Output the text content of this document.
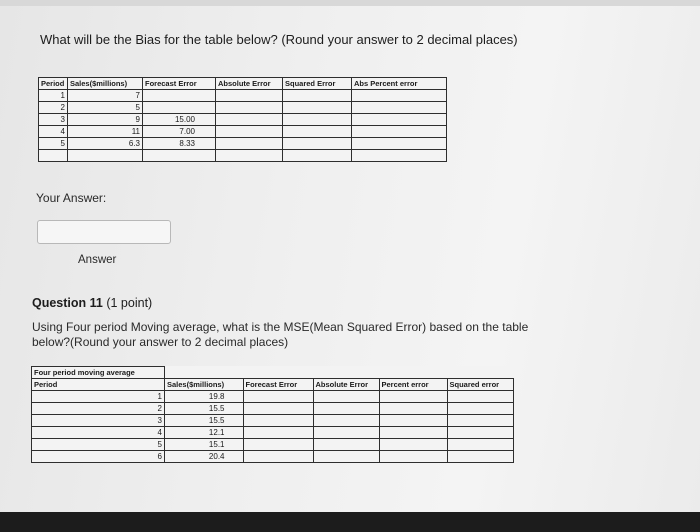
What will be the Bias for the table below? (Round your answer to 2 decimal places)
Period	Sales($millions)	Forecast Error	Absolute Error	Squared Error	Abs Percent error
1	7				
2	5				
3	9	15.00			
4	11	7.00			
5	6.3	8.33			

Your Answer:
Answer
Question 11 (1 point)
Using Four period Moving average, what is the MSE(Mean Squared Error) based on the table below?(Round your answer to 2 decimal places)
Four period moving average					
Period	Sales($millions)	Forecast Error	Absolute Error	Percent error	Squared error
1	19.8				
2	15.5				
3	15.5				
4	12.1				
5	15.1				
6	20.4				
